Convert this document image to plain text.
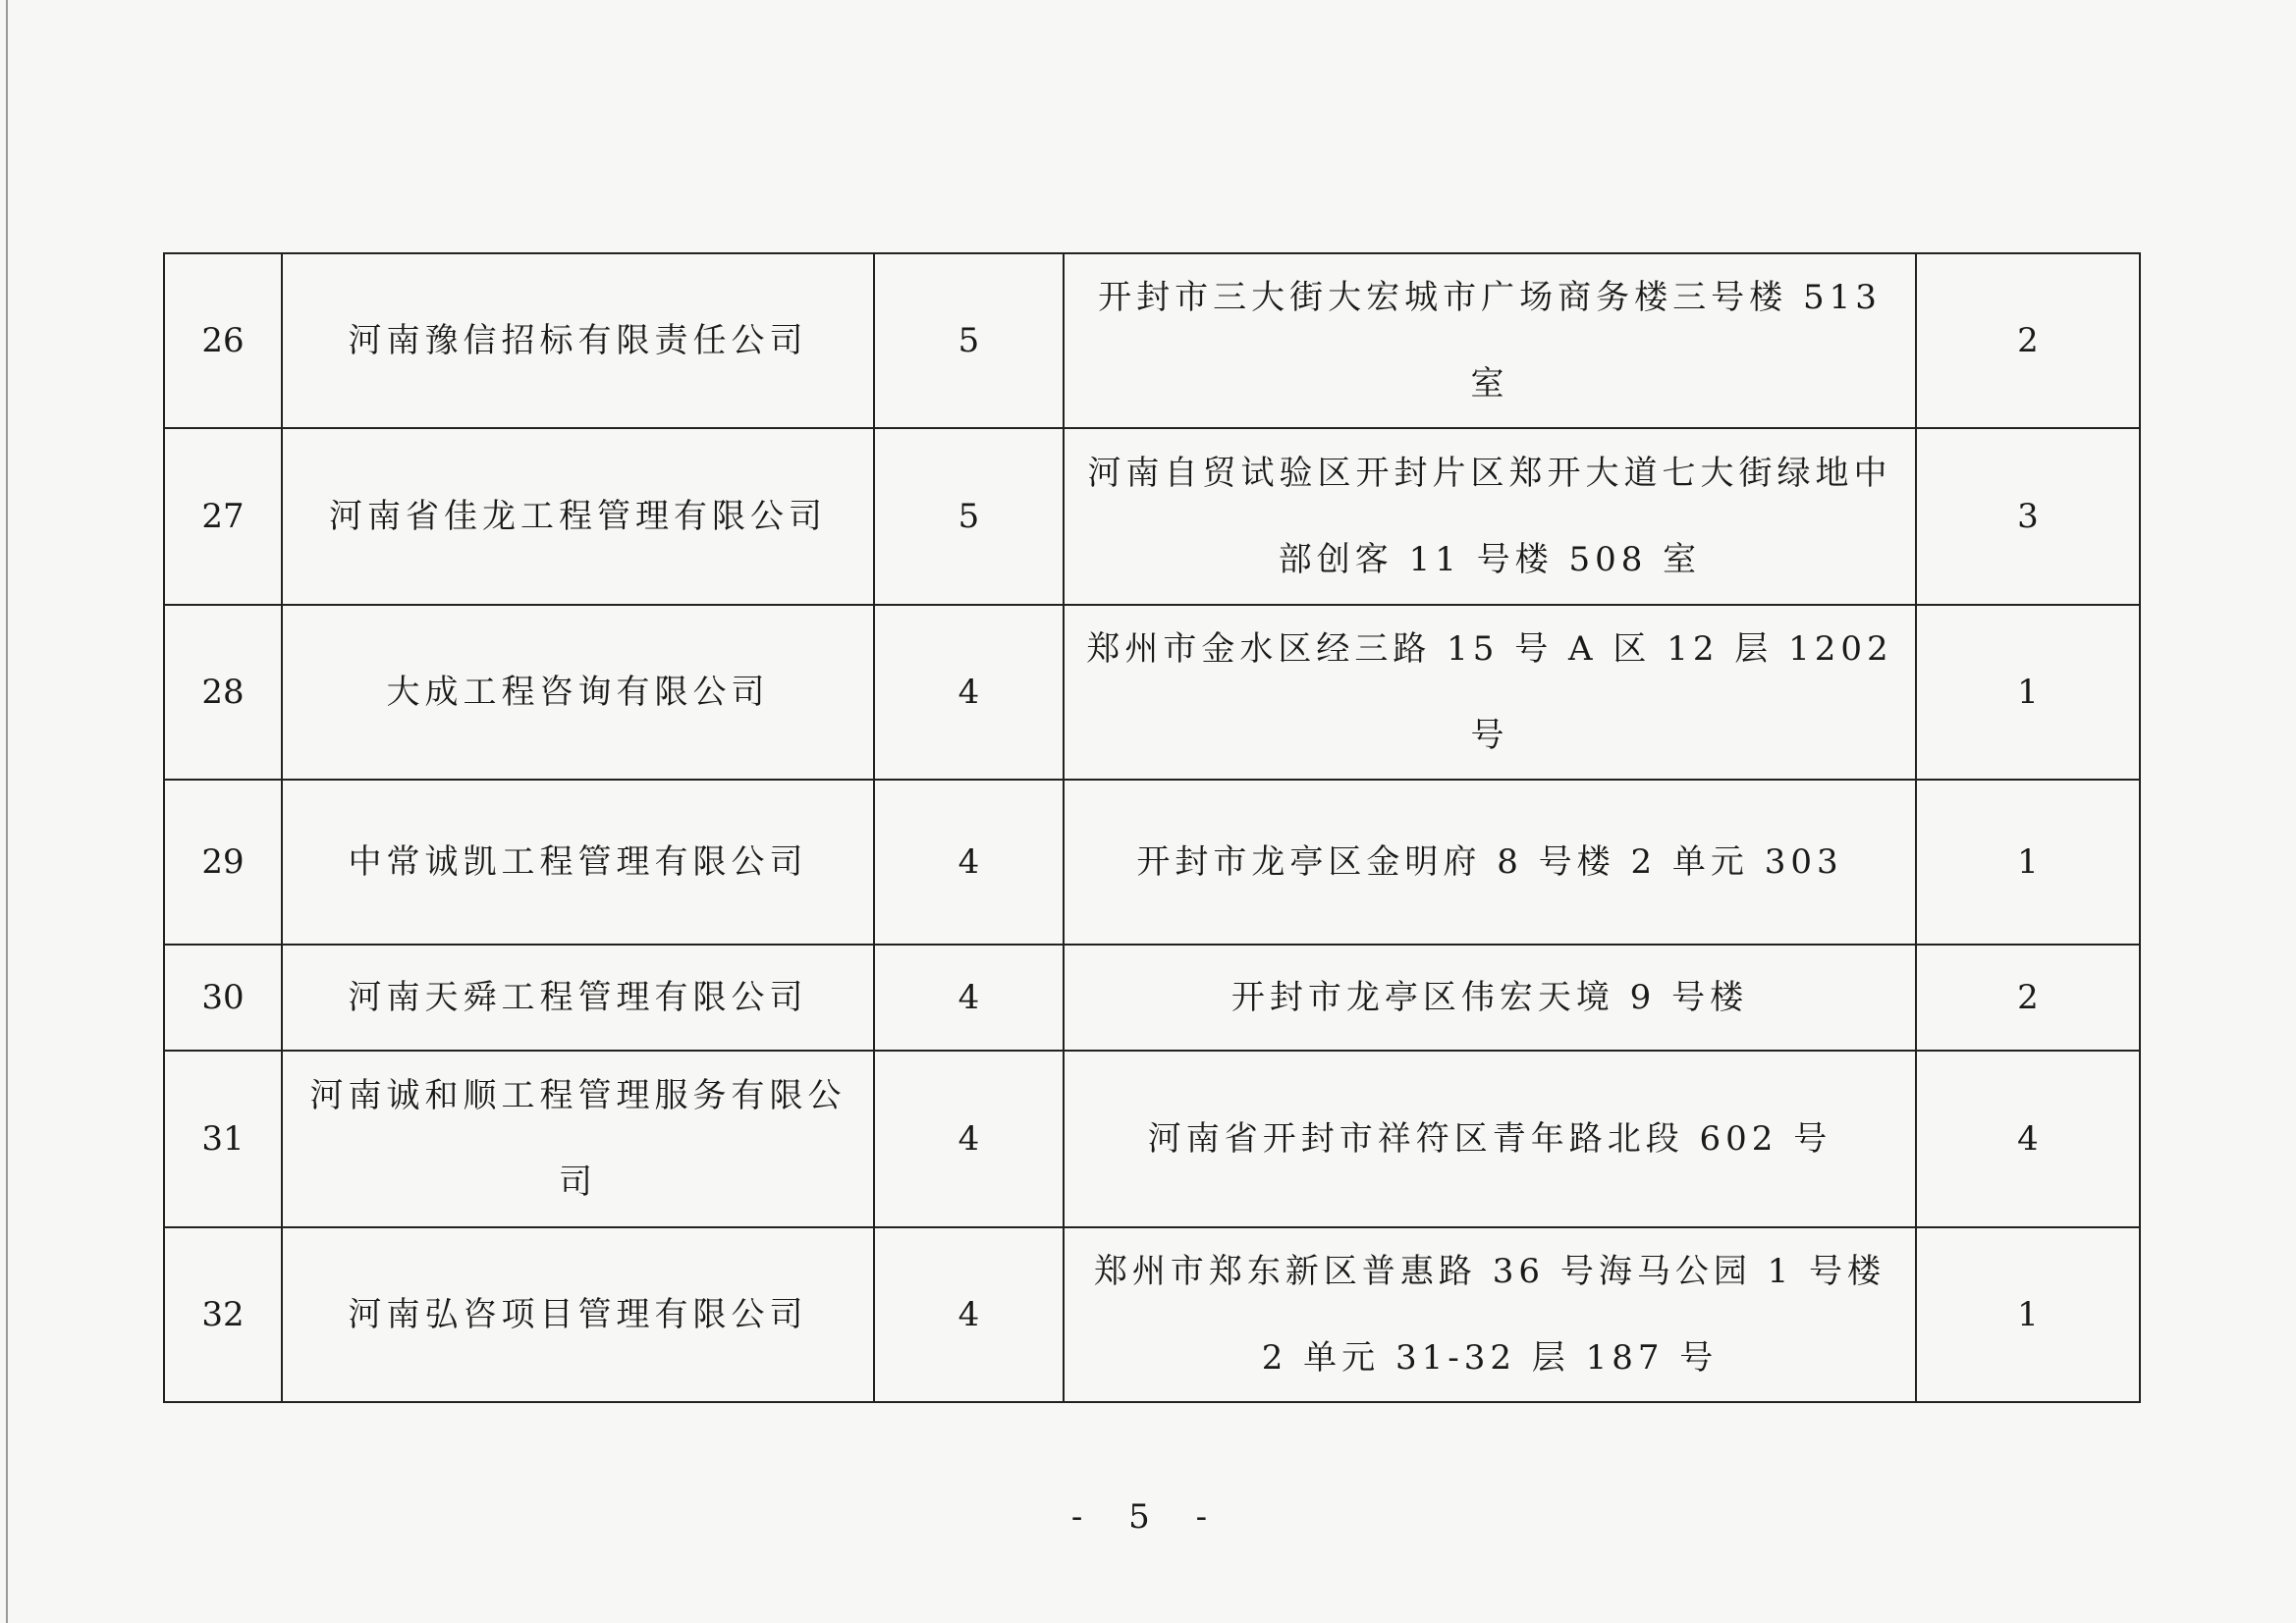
26	河南豫信招标有限责任公司	5	开封市三大街大宏城市广场商务楼三号楼 513 室	2
27	河南省佳龙工程管理有限公司	5	河南自贸试验区开封片区郑开大道七大街绿地中部创客 11 号楼 508 室	3
28	大成工程咨询有限公司	4	郑州市金水区经三路 15 号 A 区 12 层 1202 号	1
29	中常诚凯工程管理有限公司	4	开封市龙亭区金明府 8 号楼 2 单元 303	1
30	河南天舜工程管理有限公司	4	开封市龙亭区伟宏天境 9 号楼	2
31	河南诚和顺工程管理服务有限公司	4	河南省开封市祥符区青年路北段 602 号	4
32	河南弘咨项目管理有限公司	4	郑州市郑东新区普惠路 36 号海马公园 1 号楼 2 单元 31-32 层 187 号	1
- 5 -
